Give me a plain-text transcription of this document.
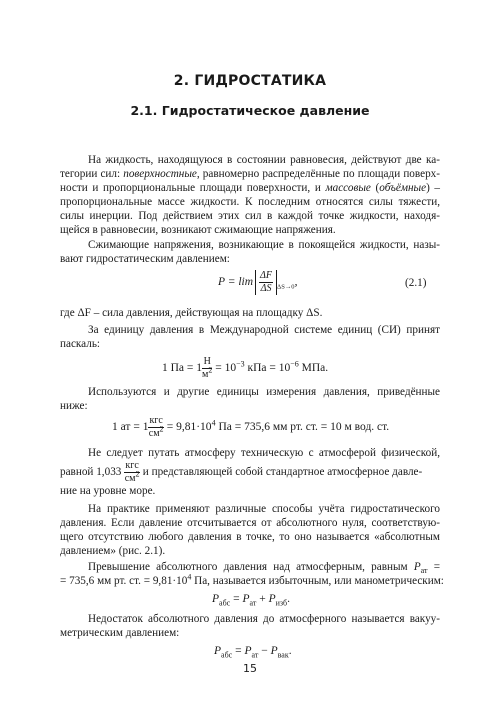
2. ГИДРОСТАТИКА
2.1. Гидростатическое давление
На жидкость, находящуюся в состоянии равновесия, действуют две ка-
тегории сил: поверхностные, равномерно распределённые по площади поверх-
ности и пропорциональные площади поверхности, и массовые (объёмные) –
пропорциональные массе жидкости. К последним относятся силы тяжести,
силы инерции. Под действием этих сил в каждой точке жидкости, находя-
щейся в равновесии, возникают сжимающие напряжения.
Сжимающие напряжения, возникающие в покоящейся жидкости, назы-
вают гидростатическим давлением:
$P = \lim \frac{\Delta F}{\Delta S} _{\Delta S\to 0}$,	(2.1)
где ΔF – сила давления, действующая на площадку ΔS.
За единицу давления в Международной системе единиц (СИ) принят
паскаль:
1 Па = $1 \frac{Н}{м^2} = 10^{-3}$ кПа = $10^{-6}$ МПа.
Используются и другие единицы измерения давления, приведённые
ниже:
1 ат = $1 \frac{\text{кгс}}{см^2} = 9,81\cdot 10^4$ Па = 735,6 мм рт. ст. = 10 м вод. ст.
Не следует путать атмосферу техническую с атмосферой физической,
равной $1,033 \frac{\text{кгс}}{см^2}$ и представляющей собой стандартное атмосферное давле-
ние на уровне море.
На практике применяют различные способы учёта гидростатического
давления. Если давление отсчитывается от абсолютного нуля, соответствую-
щего отсутствию любого давления в точке, то оно называется «абсолютным
давлением» (рис. 2.1).
Превышение абсолютного давления над атмосферным, равным $P_{ат}$ =
= 735,6 мм рт. ст. = $9,81\cdot 10^4$ Па, называется избыточным, или манометрическим:
$P_{абс} = P_{ат} + P_{изб}$.
Недостаток абсолютного давления до атмосферного называется вакуу-
метрическим давлением:
$P_{абс} = P_{ат} - P_{вак}$.
15
